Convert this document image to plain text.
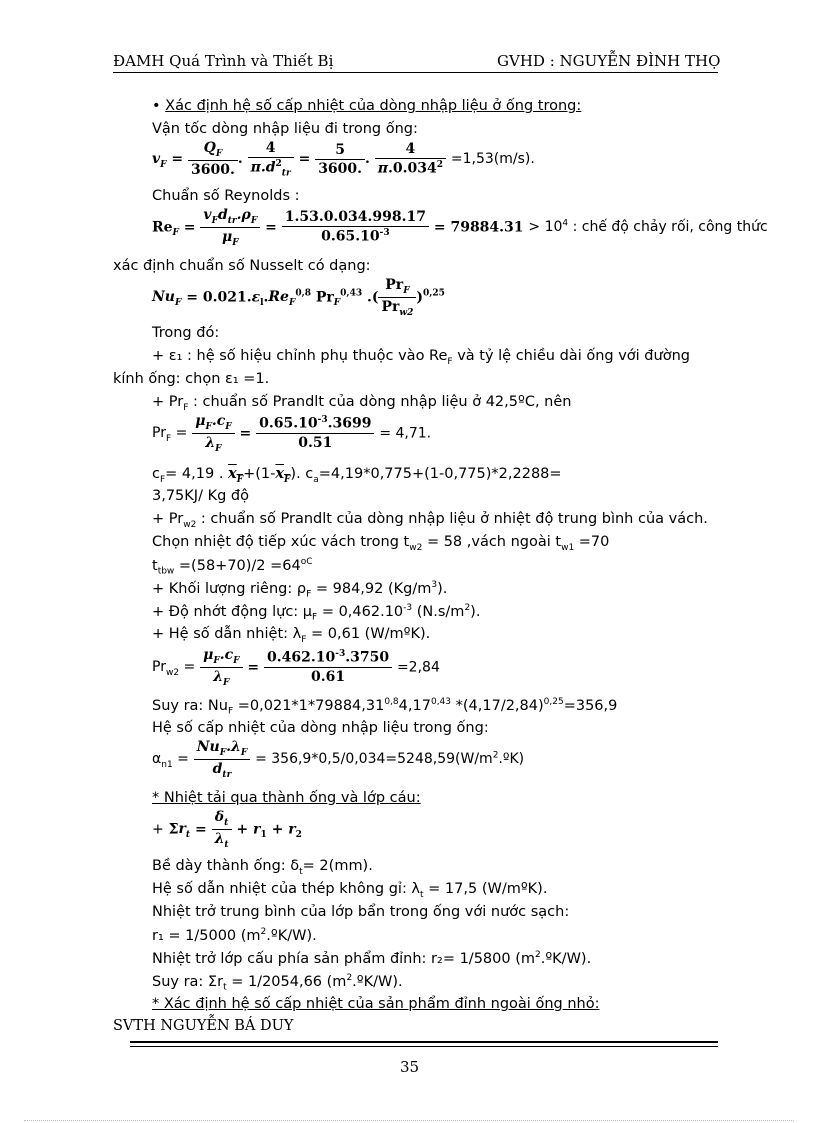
ĐAMH Quá Trình và Thiết Bị	GVHD : NGUYỄN ĐÌNH THỌ
• Xác định hệ số cấp nhiệt của dòng nhập liệu ở ống trong:
Vận tốc dòng nhập liệu đi trong ống:
$v_F = \frac{Q_F}{3600.}$ . $\frac{4}{\pi.d^2_{tr}} = \frac{5}{3600.}$ . $\frac{4}{\pi.0.034^2} =1,53(m/s)$.
Chuẩn số Reynolds :
$Re_F = \frac{v_Fd_{tr}.\rho_F}{\mu_F} = \frac{1.53.0.034.998.17}{0.65.10^{-3}} = 79884.31 > 10^4$ : chế độ chảy rối, công thức
xác định chuẩn số Nusselt có dạng:
$Nu_F = 0.021.\varepsilon_l.Re_F^{0,8}$ $Pr_F^{0,43}$ .( $\frac{Pr_F}{Pr_{w2}} )^{0,25}$
Trong đó:
+ ε₁ : hệ số hiệu chỉnh phụ thuộc vào $Re_F$ và tỷ lệ chiều dài ống với đường
kính ống: chọn ε₁ =1.
+ $Pr_F$ : chuẩn số Prandlt của dòng nhập liệu ở 42,5ºC, nên
$Pr_F = \frac{\mu_F.c_F}{\lambda_F} = \frac{0.65.10^{-3}.3699}{0.51} = 4,71$.
$c_F= 4,19$ . $x_F+(1-x_F)$. $c_a=4,19*0,775+(1-0,775)*2,2288=$
3,75KJ/ Kg độ
+ $Pr_{w2}$ : chuẩn số Prandlt của dòng nhập liệu ở nhiệt độ trung bình của vách.
Chọn nhiệt độ tiếp xúc vách trong $t_{w2} = 58$ ,vách ngoài $t_{w1} =70$
$t_{tbw} =(58+70)/2 =64^{oC}$
+ Khối lượng riêng: $\rho_F = 984,92$ $(Kg/m^3)$.
+ Độ nhớt động lực: $\mu_F = 0,462.10^{-3}$ $(N.s/m^2)$.
+ Hệ số dẫn nhiệt: $\lambda_F = 0,61$ (W/mºK).
$Pr_{w2} = \frac{\mu_F.c_F}{\lambda_F} = \frac{0.462.10^{-3}.3750}{0.61} =2,84$
Suy ra: $Nu_F =0,021*1*79884,31^{0,8}4,17^{0,43}$ $*(4,17/2,84)^{0,25}=356,9$
Hệ số cấp nhiệt của dòng nhập liệu trong ống:
$\alpha_{n1} = \frac{Nu_F.\lambda_F}{d_{tr}}$ = $356,9*0,5/0,034=5248,59(W/m^2.ºK)$
* Nhiệt tải qua thành ống và lớp cáu:
+ $\Sigma r_t = \frac{\delta_t}{\lambda_t} + r_1 + r_2$
Bề dày thành ống: $\delta_t= 2(mm)$.
Hệ số dẫn nhiệt của thép không gỉ: $\lambda_t = 17,5$ (W/mºK).
Nhiệt trở trung bình của lớp bẩn trong ống với nước sạch:
r₁ = 1/5000 $(m^2.ºK/W)$.
Nhiệt trở lớp cấu phía sản phẩm đỉnh: r₂= 1/5800 $(m^2.ºK/W)$.
Suy ra: $\Sigma r_t = 1/2054,66$ $(m^2.ºK/W)$.
* Xác định hệ số cấp nhiệt của sản phẩm đỉnh ngoài ống nhỏ:
SVTH NGUYỄN BÁ DUY
35
